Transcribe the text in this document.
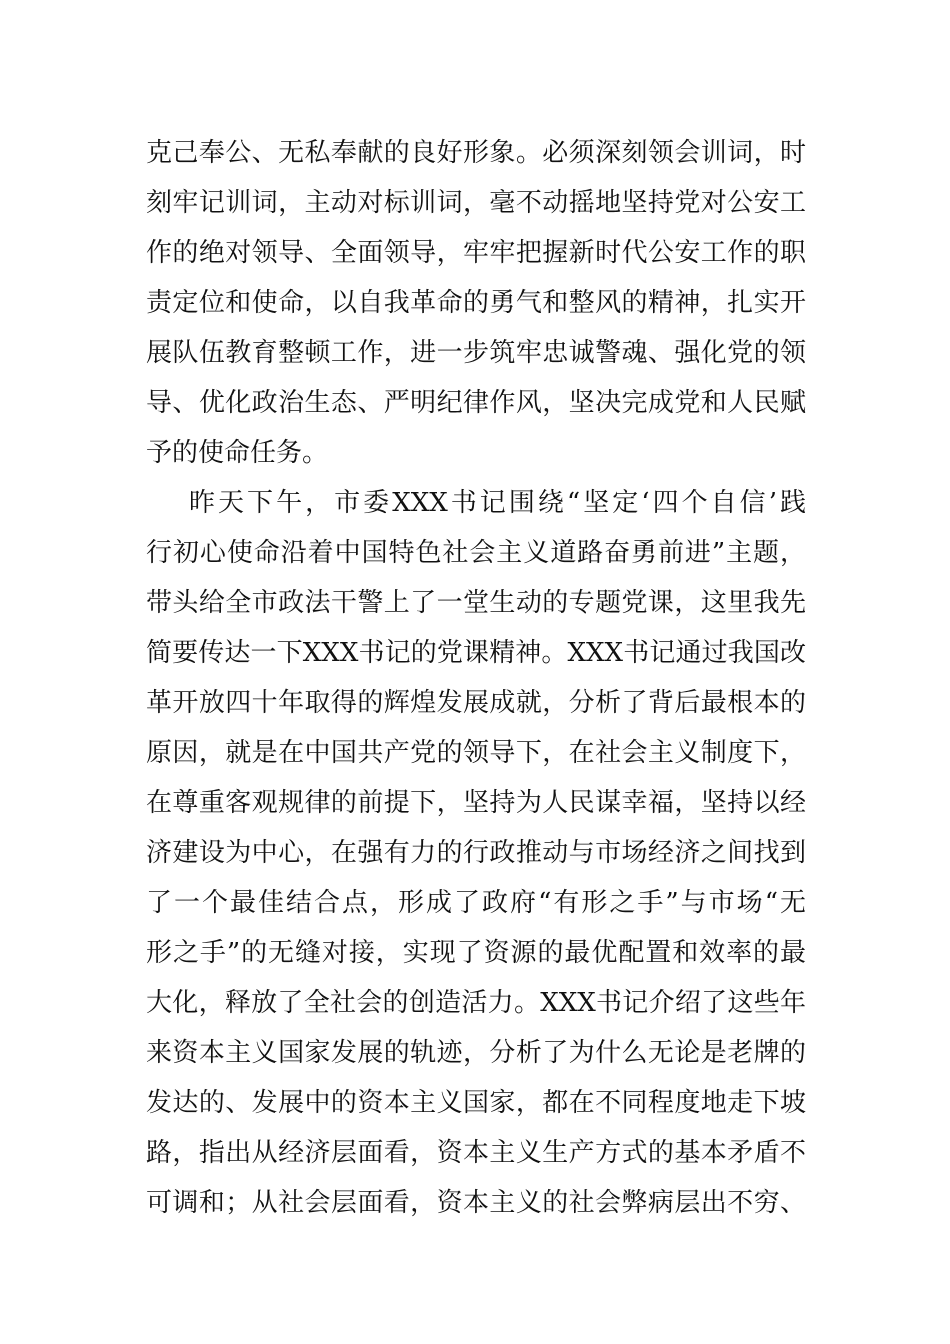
克己奉公、无私奉献的良好形象。必须深刻领会训词，时
刻牢记训词，主动对标训词，毫不动摇地坚持党对公安工
作的绝对领导、全面领导，牢牢把握新时代公安工作的职
责定位和使命，以自我革命的勇气和整风的精神，扎实开
展队伍教育整顿工作，进一步筑牢忠诚警魂、强化党的领
导、优化政治生态、严明纪律作风，坚决完成党和人民赋
予的使命任务。
昨天下午，市委XXX书记围绕“坚定‘四个自信’践
行初心使命沿着中国特色社会主义道路奋勇前进”主题，
带头给全市政法干警上了一堂生动的专题党课，这里我先
简要传达一下XXX书记的党课精神。XXX书记通过我国改
革开放四十年取得的辉煌发展成就，分析了背后最根本的
原因，就是在中国共产党的领导下，在社会主义制度下，
在尊重客观规律的前提下，坚持为人民谋幸福，坚持以经
济建设为中心，在强有力的行政推动与市场经济之间找到
了一个最佳结合点，形成了政府“有形之手”与市场“无
形之手”的无缝对接，实现了资源的最优配置和效率的最
大化，释放了全社会的创造活力。XXX书记介绍了这些年
来资本主义国家发展的轨迹，分析了为什么无论是老牌的
发达的、发展中的资本主义国家，都在不同程度地走下坡
路，指出从经济层面看，资本主义生产方式的基本矛盾不
可调和；从社会层面看，资本主义的社会弊病层出不穷、
